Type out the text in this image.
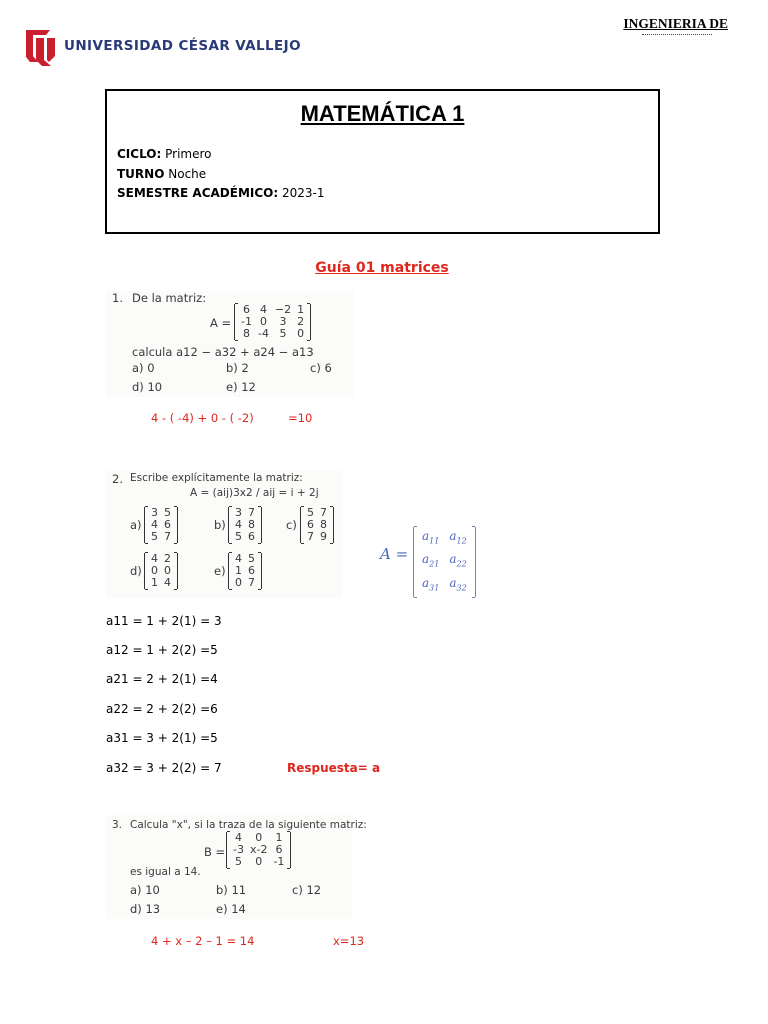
UNIVERSIDAD CÉSAR VALLEJO
INGENIERIA DE
MATEMÁTICA 1
CICLO: Primero
TURNO Noche
SEMESTRE ACADÉMICO: 2023-1
Guía 01 matrices
1. De la matriz:
A =
6	4	−2	1
-1	0	3	2
8	-4	5	0
calcula a12 − a32 + a24 − a13
a) 0	b) 2	c) 6
d) 10	e) 12
4 - ( -4) + 0 - ( -2)	=10
2. Escribe explícitamente la matriz:
A = (aij)3x2 / aij = i + 2j
a)
3	5
4	6
5	7
b)
3	7
4	8
5	6
c)
5	7
6	8
7	9
d)
4	2
0	0
1	4
e)
4	5
1	6
0	7
A =
$a_{11}$	$a_{12}$
$a_{21}$	$a_{22}$
$a_{31}$	$a_{32}$
a11 = 1 + 2(1) = 3
a12 = 1 + 2(2) =5
a21 = 2 + 2(1) =4
a22 = 2 + 2(2) =6
a31 = 3 + 2(1) =5
a32 = 3 + 2(2) = 7	Respuesta= a
3. Calcula "x", si la traza de la siguiente matriz:
B =
4	0	1
-3	x-2	6
5	0	-1
es igual a 14.
a) 10	b) 11	c) 12
d) 13	e) 14
4 + x – 2 – 1 = 14	x=13
